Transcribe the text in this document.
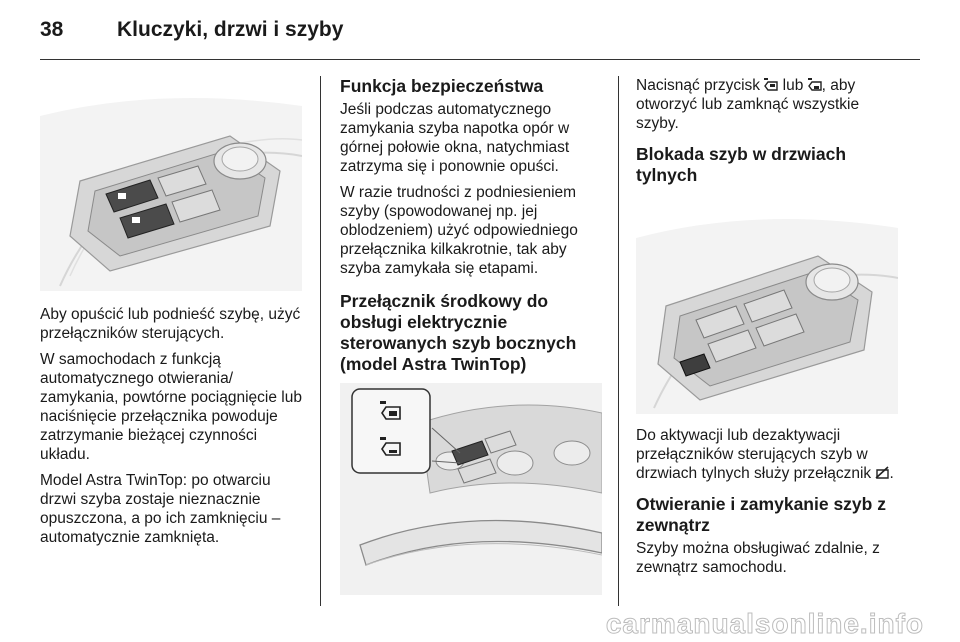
38	Kluczyki, drzwi i szyby

Aby opuścić lub podnieść szybę, użyć przełączników sterujących.

W samochodach z funkcją automatycznego otwierania/ zamykania, powtórne pociągnięcie lub naciśnięcie przełącznika powoduje zatrzymanie bieżącej czynności układu.

Model Astra TwinTop: po otwarciu drzwi szyba zostaje nieznacznie opuszczona, a po ich zamknięciu – automatycznie zamknięta.

Funkcja bezpieczeństwa

Jeśli podczas automatycznego zamykania szyba napotka opór w górnej połowie okna, natychmiast zatrzyma się i ponownie opuści.

W razie trudności z podniesieniem szyby (spowodowanej np. jej oblodzeniem) użyć odpowiedniego przełącznika kilkakrotnie, tak aby szyba zamykała się etapami.

Przełącznik środkowy do obsługi elektrycznie sterowanych szyb bocznych (model Astra TwinTop)

Nacisnąć przycisk  lub , aby otworzyć lub zamknąć wszystkie szyby.

Blokada szyb w drzwiach tylnych

Do aktywacji lub dezaktywacji przełączników sterujących szyb w drzwiach tylnych służy przełącznik .

Otwieranie i zamykanie szyb z zewnątrz

Szyby można obsługiwać zdalnie, z zewnątrz samochodu.

carmanualsonline.info
